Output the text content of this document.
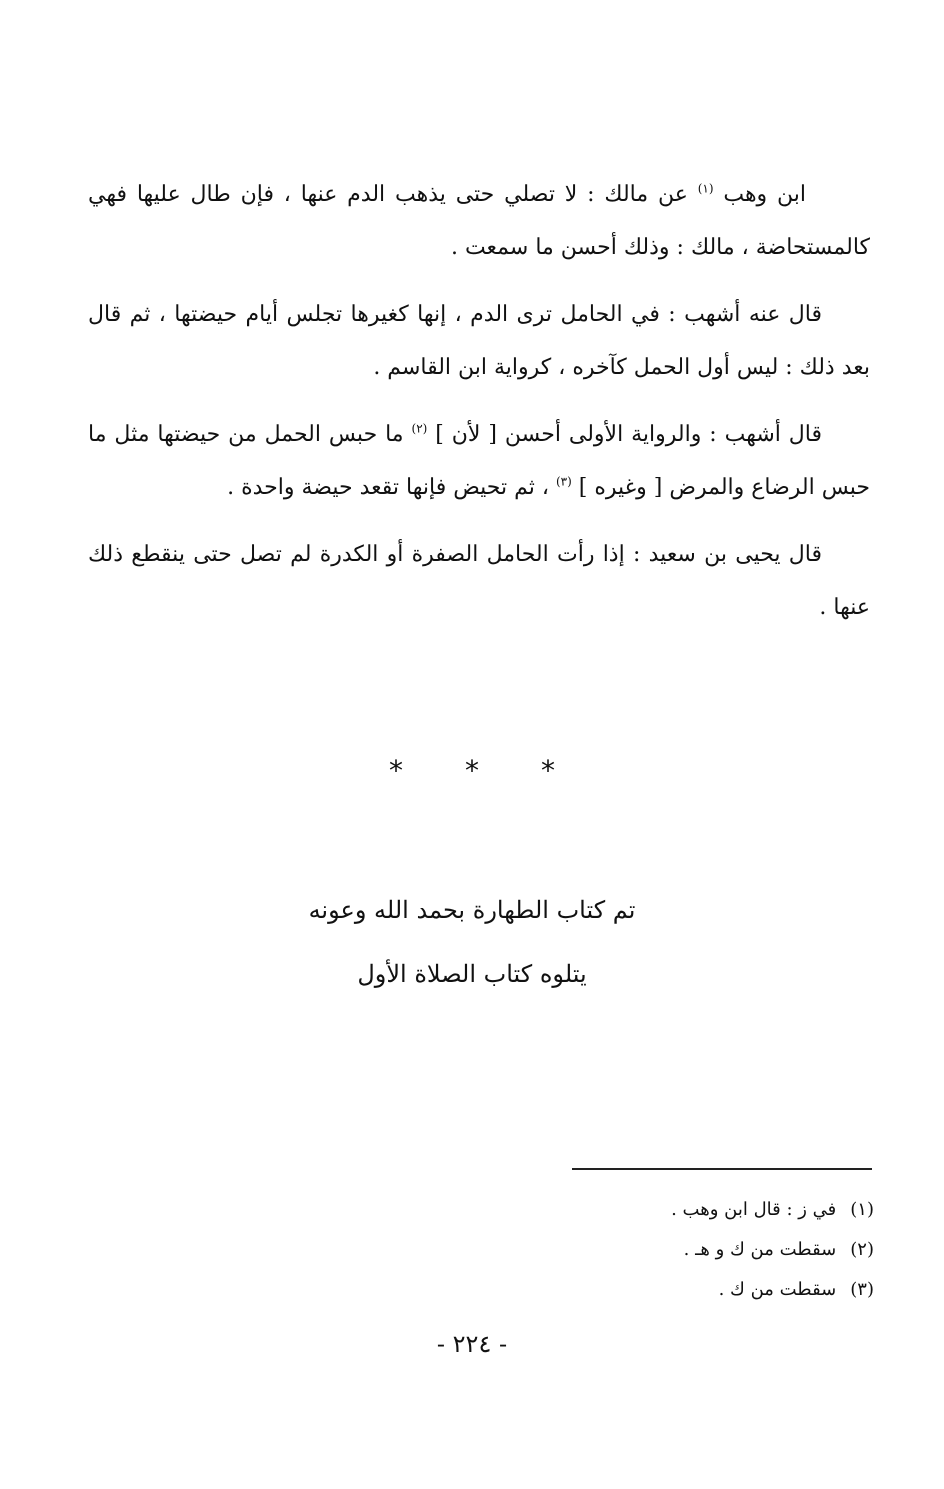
ابن وهب $^{(١)}$ عن مالك : لا تصلي حتى يذهب الدم عنها ، فإن طال عليها فهي كالمستحاضة ، مالك : وذلك أحسن ما سمعت .

قال عنه أشهب : في الحامل ترى الدم ، إنها كغيرها تجلس أيام حيضتها ، ثم قال بعد ذلك : ليس أول الحمل كآخره ، كرواية ابن القاسم .

قال أشهب : والرواية الأولى أحسن [ لأن ] $^{(٢)}$ ما حبس الحمل من حيضتها مثل ما حبس الرضاع والمرض [ وغيره ] $^{(٣)}$ ، ثم تحيض فإنها تقعد حيضة واحدة .

قال يحيى بن سعيد : إذا رأت الحامل الصفرة أو الكدرة لم تصل حتى ينقطع ذلك عنها .

***
تم كتاب الطهارة بحمد الله وعونه
يتلوه كتاب الصلاة الأول
(١)في ز : قال ابن وهب .
(٢)سقطت من ك و هـ .
(٣)سقطت من ك .
- ٢٢٤ -
